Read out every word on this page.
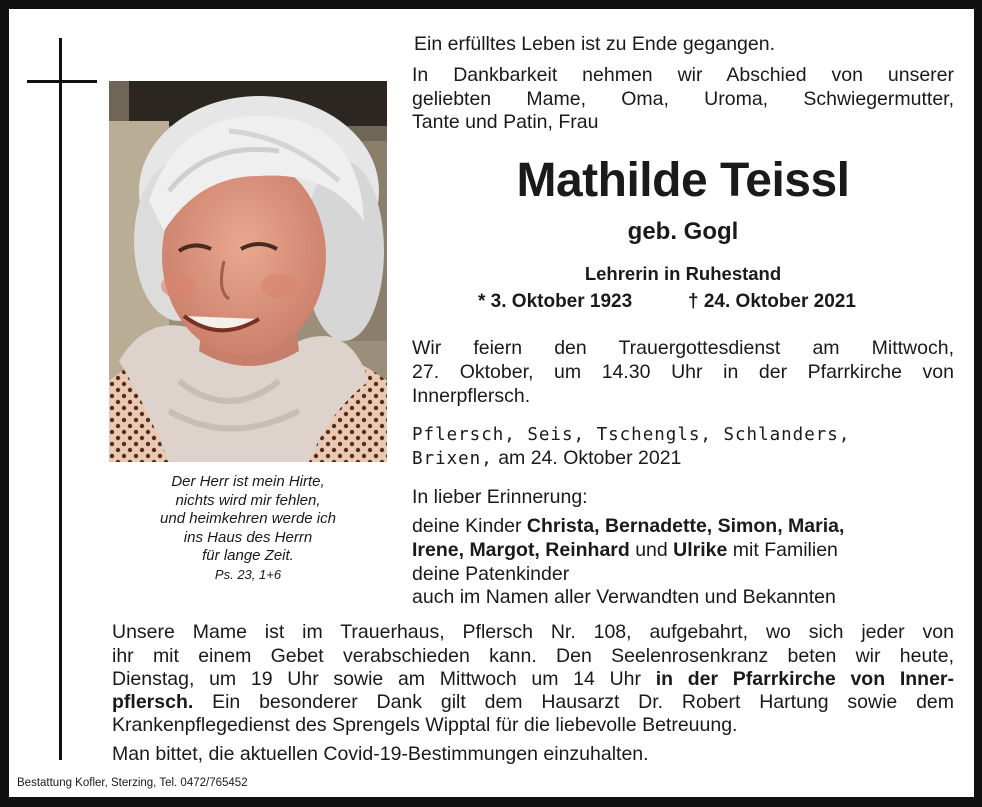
Der Herr ist mein Hirte,
nichts wird mir fehlen,
und heimkehren werde ich
ins Haus des Herrn
für lange Zeit.
Ps. 23, 1+6
Ein erfülltes Leben ist zu Ende gegangen.
In Dankbarkeit nehmen wir Abschied von unserer
geliebten Mame, Oma, Uroma, Schwiegermutter,
Tante und Patin, Frau
Mathilde Teissl
geb. Gogl
Lehrerin in Ruhestand
* 3. Oktober 1923	† 24. Oktober 2021
Wir feiern den Trauergottesdienst am Mittwoch,
27. Oktober, um 14.30 Uhr in der Pfarrkirche von
Innerpflersch.
Pflersch, Seis, Tschengls, Schlanders,
Brixen, am 24. Oktober 2021
In lieber Erinnerung:
deine Kinder Christa, Bernadette, Simon, Maria,
Irene, Margot, Reinhard und Ulrike mit Familien
deine Patenkinder
auch im Namen aller Verwandten und Bekannten
Unsere Mame ist im Trauerhaus, Pflersch Nr. 108, aufgebahrt, wo sich jeder von
ihr mit einem Gebet verabschieden kann. Den Seelenrosenkranz beten wir heute,
Dienstag, um 19 Uhr sowie am Mittwoch um 14 Uhr in der Pfarrkirche von Inner-
pflersch. Ein besonderer Dank gilt dem Hausarzt Dr. Robert Hartung sowie dem
Krankenpflegedienst des Sprengels Wipptal für die liebevolle Betreuung.
Man bittet, die aktuellen Covid-19-Bestimmungen einzuhalten.
Bestattung Kofler, Sterzing, Tel. 0472/765452
